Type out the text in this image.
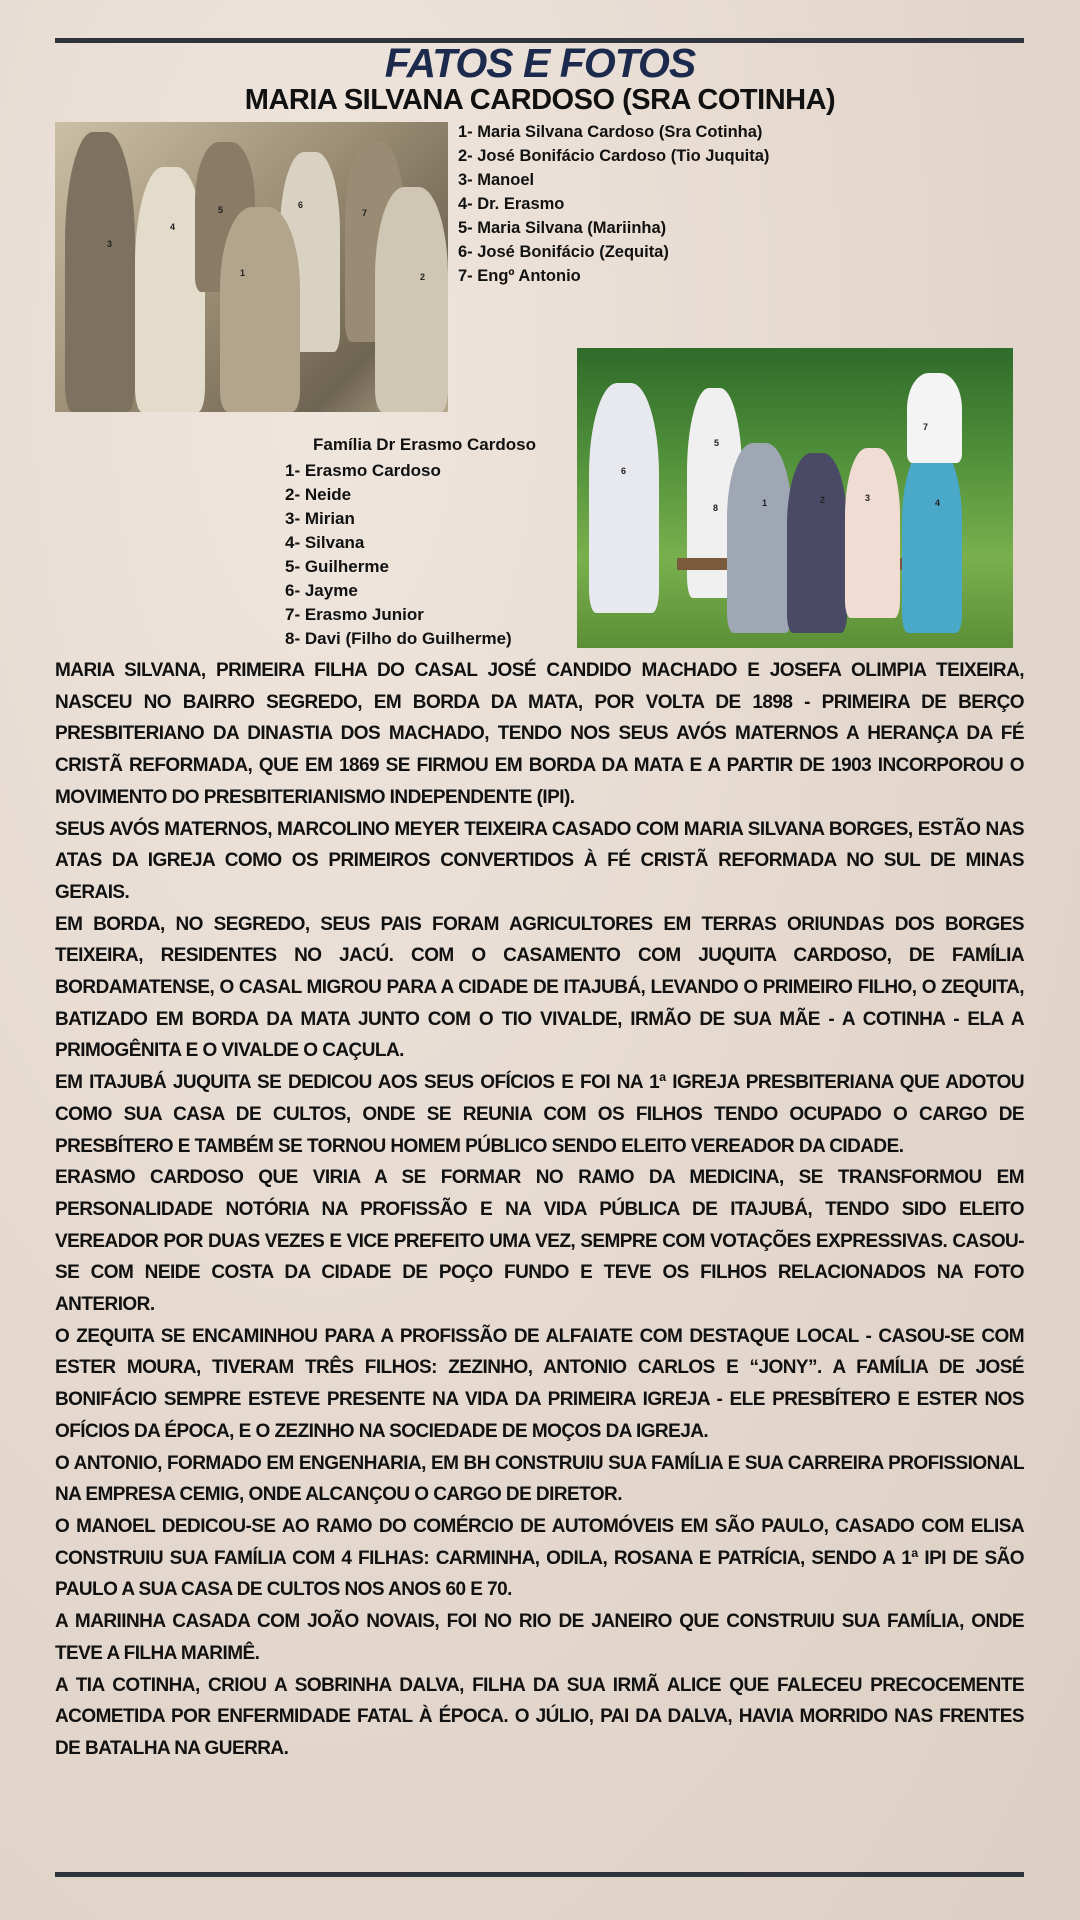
FATOS E FOTOS
MARIA SILVANA CARDOSO (SRA COTINHA)
3
4
5	6
7
1	2
1- Maria Silvana Cardoso (Sra Cotinha)
2- José Bonifácio Cardoso (Tio Juquita)
3- Manoel
4- Dr. Erasmo
5- Maria Silvana (Mariinha)
6- José Bonifácio (Zequita)
7- Engº Antonio
1	2	3	4
5
6
7
8
Família Dr Erasmo Cardoso
1- Erasmo Cardoso
2- Neide
3- Mirian
4- Silvana
5- Guilherme
6- Jayme
7- Erasmo Junior
8- Davi (Filho do Guilherme)

MARIA SILVANA, PRIMEIRA FILHA DO CASAL JOSÉ CANDIDO MACHADO E JOSEFA OLIMPIA TEIXEIRA, NASCEU NO BAIRRO SEGREDO, EM BORDA DA MATA, POR VOLTA DE 1898 - PRIMEIRA DE BERÇO PRESBITERIANO DA DINASTIA DOS MACHADO, TENDO NOS SEUS AVÓS MATERNOS A HERANÇA DA FÉ CRISTÃ REFORMADA, QUE EM 1869 SE FIRMOU EM BORDA DA MATA E A PARTIR DE 1903 INCORPOROU O MOVIMENTO DO PRESBITERIANISMO INDEPENDENTE (IPI).

SEUS AVÓS MATERNOS, MARCOLINO MEYER TEIXEIRA CASADO COM MARIA SILVANA BORGES, ESTÃO NAS ATAS DA IGREJA COMO OS PRIMEIROS CONVERTIDOS À FÉ CRISTÃ REFORMADA NO SUL DE MINAS GERAIS.

EM BORDA, NO SEGREDO, SEUS PAIS FORAM AGRICULTORES EM TERRAS ORIUNDAS DOS BORGES TEIXEIRA, RESIDENTES NO JACÚ. COM O CASAMENTO COM JUQUITA CARDOSO, DE FAMÍLIA BORDAMATENSE, O CASAL MIGROU PARA A CIDADE DE ITAJUBÁ, LEVANDO O PRIMEIRO FILHO, O ZEQUITA, BATIZADO EM BORDA DA MATA JUNTO COM O TIO VIVALDE, IRMÃO DE SUA MÃE - A COTINHA - ELA A PRIMOGÊNITA E O VIVALDE O CAÇULA.

EM ITAJUBÁ JUQUITA SE DEDICOU AOS SEUS OFÍCIOS E FOI NA 1ª IGREJA PRESBITERIANA QUE ADOTOU COMO SUA CASA DE CULTOS, ONDE SE REUNIA COM OS FILHOS TENDO OCUPADO O CARGO DE PRESBÍTERO E TAMBÉM SE TORNOU HOMEM PÚBLICO SENDO ELEITO VEREADOR DA CIDADE.

ERASMO CARDOSO QUE VIRIA A SE FORMAR NO RAMO DA MEDICINA, SE TRANSFORMOU EM PERSONALIDADE NOTÓRIA NA PROFISSÃO E NA VIDA PÚBLICA DE ITAJUBÁ, TENDO SIDO ELEITO VEREADOR POR DUAS VEZES E VICE PREFEITO UMA VEZ, SEMPRE COM VOTAÇÕES EXPRESSIVAS. CASOU-SE COM NEIDE COSTA DA CIDADE DE POÇO FUNDO E TEVE OS FILHOS RELACIONADOS NA FOTO ANTERIOR.

O ZEQUITA SE ENCAMINHOU PARA A PROFISSÃO DE ALFAIATE COM DESTAQUE LOCAL - CASOU-SE COM ESTER MOURA, TIVERAM TRÊS FILHOS: ZEZINHO, ANTONIO CARLOS E “JONY”. A FAMÍLIA DE JOSÉ BONIFÁCIO SEMPRE ESTEVE PRESENTE NA VIDA DA PRIMEIRA IGREJA - ELE PRESBÍTERO E ESTER NOS OFÍCIOS DA ÉPOCA, E O ZEZINHO NA SOCIEDADE DE MOÇOS DA IGREJA.

O ANTONIO, FORMADO EM ENGENHARIA, EM BH CONSTRUIU SUA FAMÍLIA E SUA CARREIRA PROFISSIONAL NA EMPRESA CEMIG, ONDE ALCANÇOU O CARGO DE DIRETOR.

O MANOEL DEDICOU-SE AO RAMO DO COMÉRCIO DE AUTOMÓVEIS EM SÃO PAULO, CASADO COM ELISA CONSTRUIU SUA FAMÍLIA COM 4 FILHAS: CARMINHA, ODILA, ROSANA E PATRÍCIA, SENDO A 1ª IPI DE SÃO PAULO A SUA CASA DE CULTOS NOS ANOS 60 E 70.

A MARIINHA CASADA COM JOÃO NOVAIS, FOI NO RIO DE JANEIRO QUE CONSTRUIU SUA FAMÍLIA, ONDE TEVE A FILHA MARIMÊ.

A TIA COTINHA, CRIOU A SOBRINHA DALVA, FILHA DA SUA IRMÃ ALICE QUE FALECEU PRECOCEMENTE ACOMETIDA POR ENFERMIDADE FATAL À ÉPOCA. O JÚLIO, PAI DA DALVA, HAVIA MORRIDO NAS FRENTES DE BATALHA NA GUERRA.
